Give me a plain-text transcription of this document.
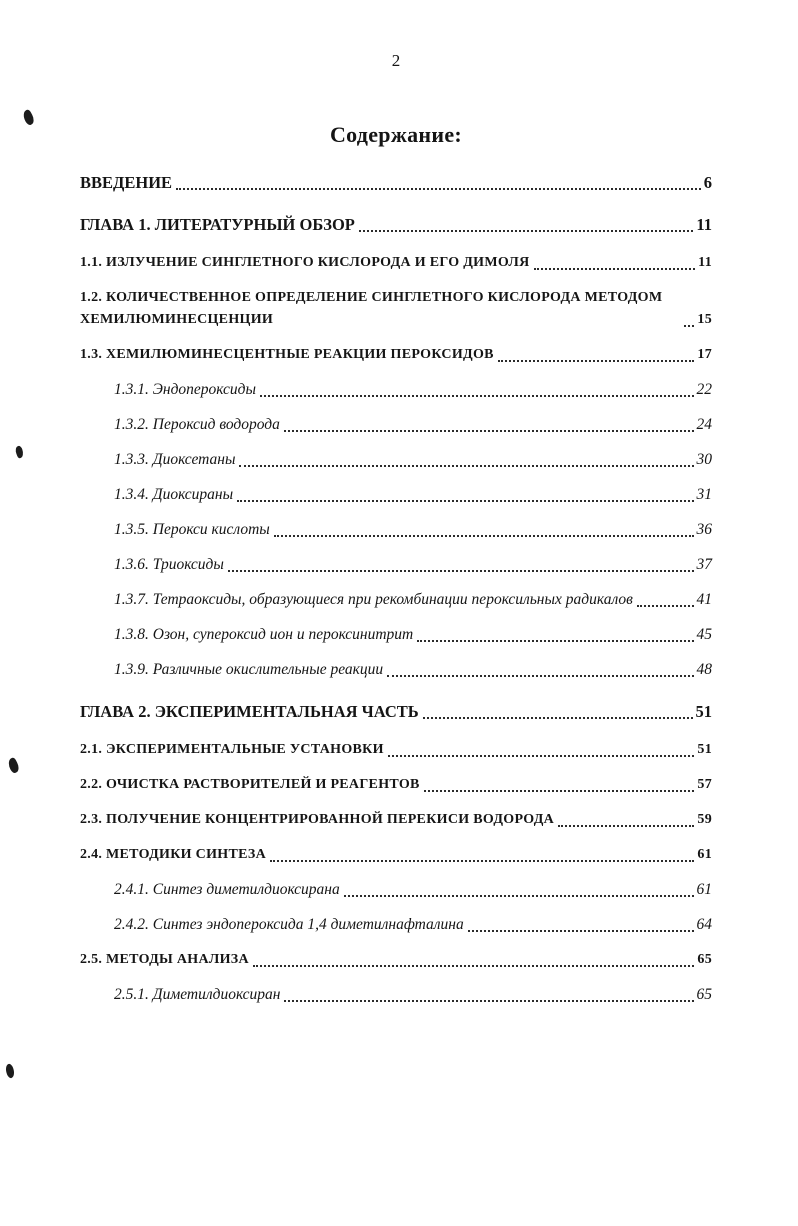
2
Содержание:
ВВЕДЕНИЕ	6
ГЛАВА 1. ЛИТЕРАТУРНЫЙ ОБЗОР	11
1.1. ИЗЛУЧЕНИЕ СИНГЛЕТНОГО КИСЛОРОДА И ЕГО ДИМОЛЯ	11
1.2. КОЛИЧЕСТВЕННОЕ ОПРЕДЕЛЕНИЕ СИНГЛЕТНОГО КИСЛОРОДА МЕТОДОМ ХЕМИЛЮМИНЕСЦЕНЦИИ	15
1.3. ХЕМИЛЮМИНЕСЦЕНТНЫЕ РЕАКЦИИ ПЕРОКСИДОВ	17
1.3.1. Эндопероксиды	22
1.3.2. Пероксид водорода	24
1.3.3. Диоксетаны	30
1.3.4. Диоксираны	31
1.3.5. Перокси кислоты	36
1.3.6. Триоксиды	37
1.3.7. Тетраоксиды, образующиеся при рекомбинации пероксильных радикалов	41
1.3.8. Озон, супероксид ион и пероксинитрит	45
1.3.9. Различные окислительные реакции	48
ГЛАВА 2. ЭКСПЕРИМЕНТАЛЬНАЯ ЧАСТЬ	51
2.1. ЭКСПЕРИМЕНТАЛЬНЫЕ УСТАНОВКИ	51
2.2. ОЧИСТКА РАСТВОРИТЕЛЕЙ И РЕАГЕНТОВ	57
2.3. ПОЛУЧЕНИЕ КОНЦЕНТРИРОВАННОЙ ПЕРЕКИСИ ВОДОРОДА	59
2.4. МЕТОДИКИ СИНТЕЗА	61
2.4.1. Синтез диметилдиоксирана	61
2.4.2. Синтез эндопероксида 1,4 диметилнафталина	64
2.5. МЕТОДЫ АНАЛИЗА	65
2.5.1. Диметилдиоксиран	65
